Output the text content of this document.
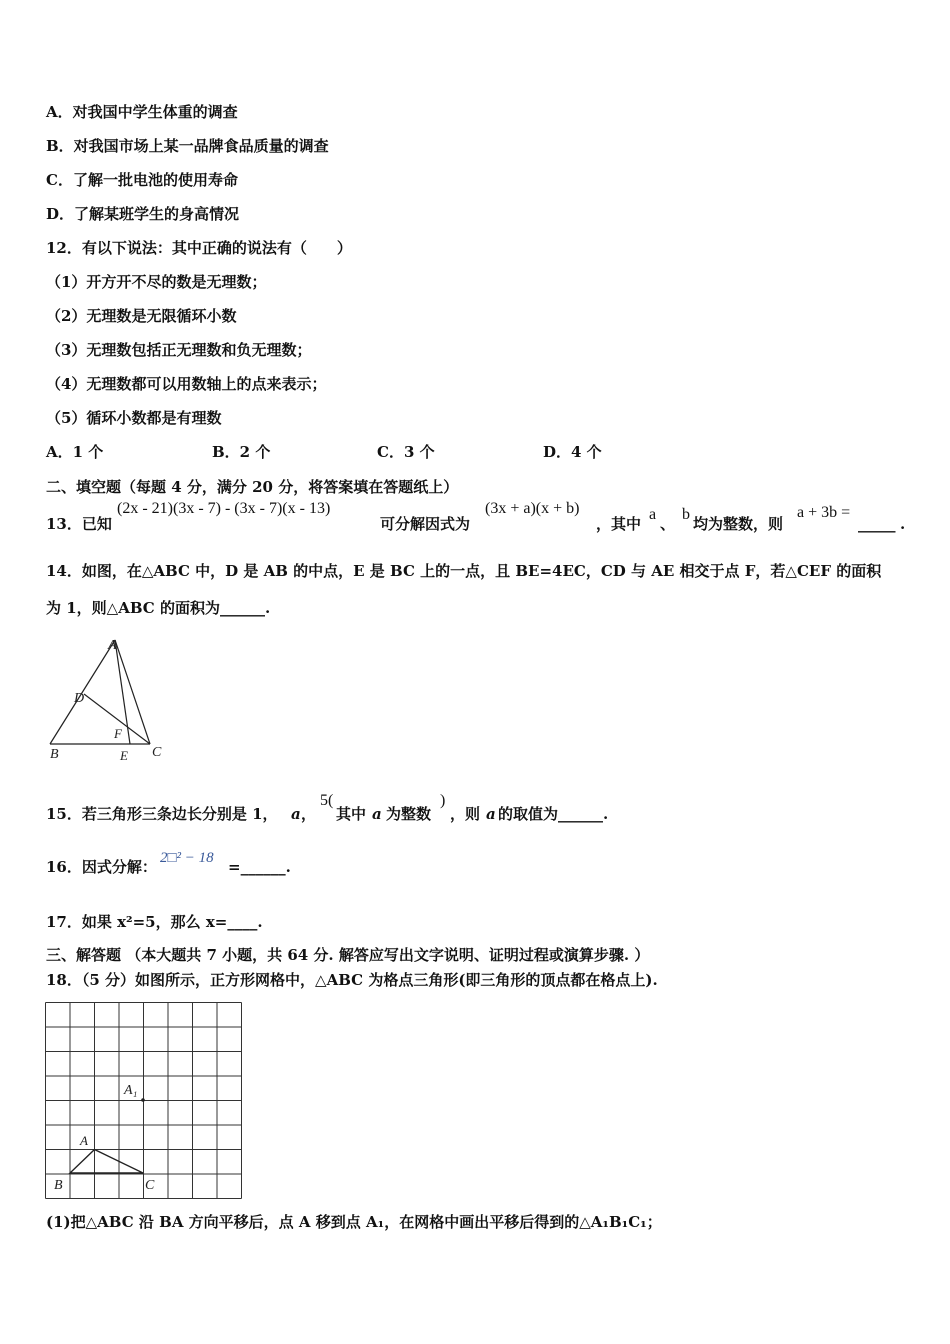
A．对我国中学生体重的调查
B．对我国市场上某一品牌食品质量的调查
C．了解一批电池的使用寿命
D．了解某班学生的身高情况
12．有以下说法：其中正确的说法有（　　）
（1）开方开不尽的数是无理数；
（2）无理数是无限循环小数
（3）无理数包括正无理数和负无理数；
（4）无理数都可以用数轴上的点来表示；
（5）循环小数都是有理数
A．1 个	B．2 个	C．3 个	D．4 个
二、填空题（每题 4 分，满分 20 分，将答案填在答题纸上）
13．已知
(2x - 21)(3x - 7) - (3x - 7)(x - 13)
可分解因式为
(3x + a)(x + b)
，其中
a
、
b
均为整数，则
a + 3b =
_____ .
14．如图，在△ABC 中，D 是 AB 的中点，E 是 BC 上的一点，且 BE=4EC，CD 与 AE 相交于点 F，若△CEF 的面积
为 1，则△ABC 的面积为______.
A
D
F
B	E C
15．若三角形三条边长分别是 1， a ，
5(
其中 a 为整数
)
，则 a 的取值为______.
16．因式分解： 2□² − 18 =______.
17．如果 x²=5，那么 x=____.
三、解答题 （本大题共 7 小题，共 64 分. 解答应写出文字说明、证明过程或演算步骤. ）
18．（5 分）如图所示，正方形网格中，△ABC 为格点三角形(即三角形的顶点都在格点上).
A₁
A
B	C
(1)把△ABC 沿 BA 方向平移后，点 A 移到点 A₁，在网格中画出平移后得到的△A₁B₁C₁；
